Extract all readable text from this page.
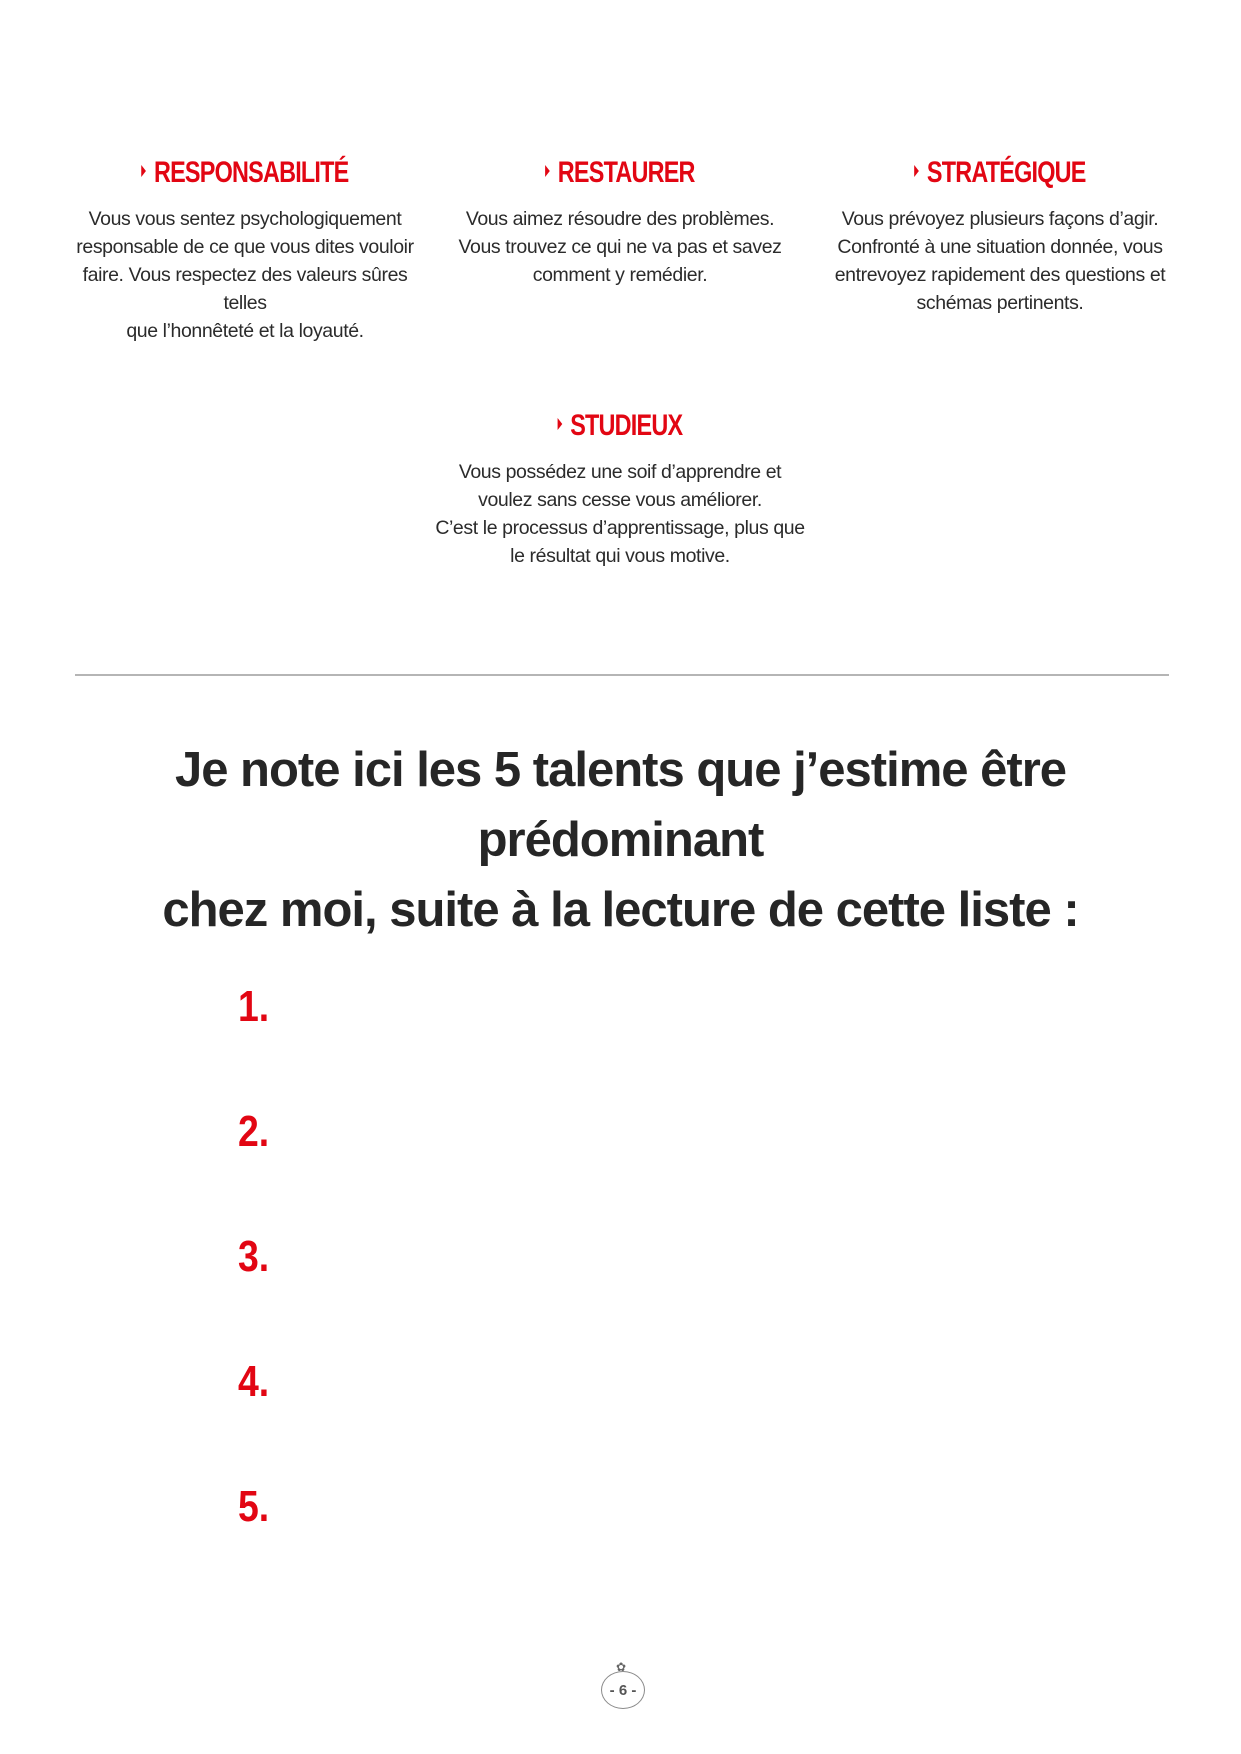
RESPONSABILITÉ
Vous vous sentez psychologiquement
responsable de ce que vous dites vouloir
faire. Vous respectez des valeurs sûres telles
que l’honnêteté et la loyauté.
RESTAURER
Vous aimez résoudre des problèmes.
Vous trouvez ce qui ne va pas et savez
comment y remédier.
STRATÉGIQUE
Vous prévoyez plusieurs façons d’agir.
Confronté à une situation donnée, vous
entrevoyez rapidement des questions et
schémas pertinents.
STUDIEUX
Vous possédez une soif d’apprendre et
voulez sans cesse vous améliorer.
C’est le processus d’apprentissage, plus que
le résultat qui vous motive.
Je note ici les 5 talents que j’estime être prédominant
chez moi, suite à la lecture de cette liste :
1.
2.
3.
4.
5.
✿
- 6 -
